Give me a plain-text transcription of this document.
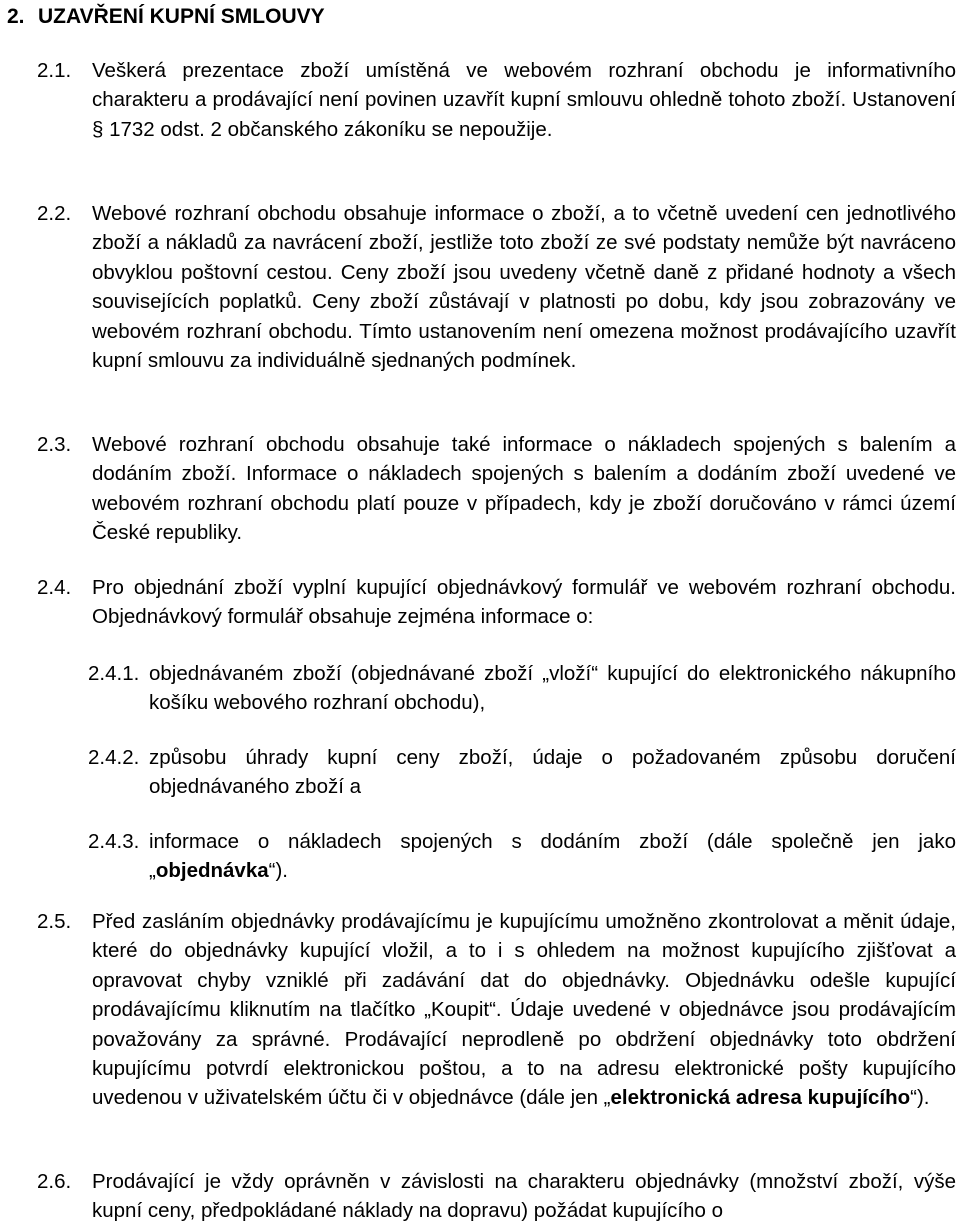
2. UZAVŘENÍ KUPNÍ SMLOUVY
2.1. Veškerá prezentace zboží umístěná ve webovém rozhraní obchodu je informativního charakteru a prodávající není povinen uzavřít kupní smlouvu ohledně tohoto zboží. Ustanovení § 1732 odst. 2 občanského zákoníku se nepoužije.
2.2. Webové rozhraní obchodu obsahuje informace o zboží, a to včetně uvedení cen jednotlivého zboží a nákladů za navrácení zboží, jestliže toto zboží ze své podstaty nemůže být navráceno obvyklou poštovní cestou. Ceny zboží jsou uvedeny včetně daně z přidané hodnoty a všech souvisejících poplatků. Ceny zboží zůstávají v platnosti po dobu, kdy jsou zobrazovány ve webovém rozhraní obchodu. Tímto ustanovením není omezena možnost prodávajícího uzavřít kupní smlouvu za individuálně sjednaných podmínek.
2.3. Webové rozhraní obchodu obsahuje také informace o nákladech spojených s balením a dodáním zboží. Informace o nákladech spojených s balením a dodáním zboží uvedené ve webovém rozhraní obchodu platí pouze v případech, kdy je zboží doručováno v rámci území České republiky.
2.4. Pro objednání zboží vyplní kupující objednávkový formulář ve webovém rozhraní obchodu. Objednávkový formulář obsahuje zejména informace o:
2.4.1. objednávaném zboží (objednávané zboží „vloží“ kupující do elektronického nákupního košíku webového rozhraní obchodu),
2.4.2. způsobu úhrady kupní ceny zboží, údaje o požadovaném způsobu doručení objednávaného zboží a
2.4.3. informace o nákladech spojených s dodáním zboží (dále společně jen jako „objednávka“).
2.5. Před zasláním objednávky prodávajícímu je kupujícímu umožněno zkontrolovat a měnit údaje, které do objednávky kupující vložil, a to i s ohledem na možnost kupujícího zjišťovat a opravovat chyby vzniklé při zadávání dat do objednávky. Objednávku odešle kupující prodávajícímu kliknutím na tlačítko „Koupit“. Údaje uvedené v objednávce jsou prodávajícím považovány za správné. Prodávající neprodleně po obdržení objednávky toto obdržení kupujícímu potvrdí elektronickou poštou, a to na adresu elektronické pošty kupujícího uvedenou v uživatelském účtu či v objednávce (dále jen „elektronická adresa kupujícího“).
2.6. Prodávající je vždy oprávněn v závislosti na charakteru objednávky (množství zboží, výše kupní ceny, předpokládané náklady na dopravu) požádat kupujícího o
